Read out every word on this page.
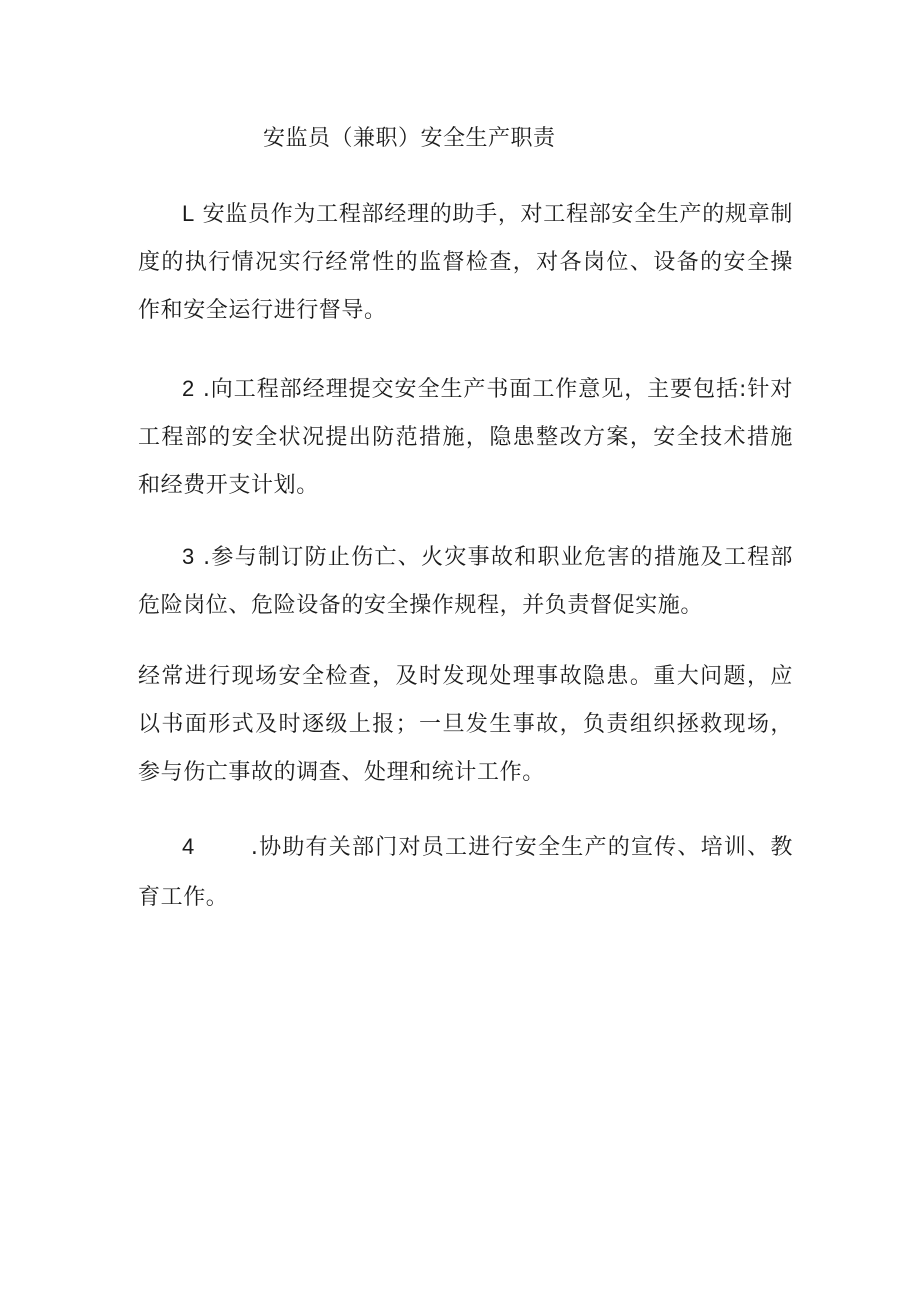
安监员（兼职）安全生产职责

L 安监员作为工程部经理的助手，对工程部安全生产的规章制度的执行情况实行经常性的监督检查，对各岗位、设备的安全操作和安全运行进行督导。

2 .向工程部经理提交安全生产书面工作意见，主要包括:针对工程部的安全状况提出防范措施，隐患整改方案，安全技术措施和经费开支计划。

3 .参与制订防止伤亡、火灾事故和职业危害的措施及工程部危险岗位、危险设备的安全操作规程，并负责督促实施。

经常进行现场安全检查，及时发现处理事故隐患。重大问题，应以书面形式及时逐级上报；一旦发生事故，负责组织拯救现场，参与伤亡事故的调查、处理和统计工作。

4	.协助有关部门对员工进行安全生产的宣传、培训、教育工作。
